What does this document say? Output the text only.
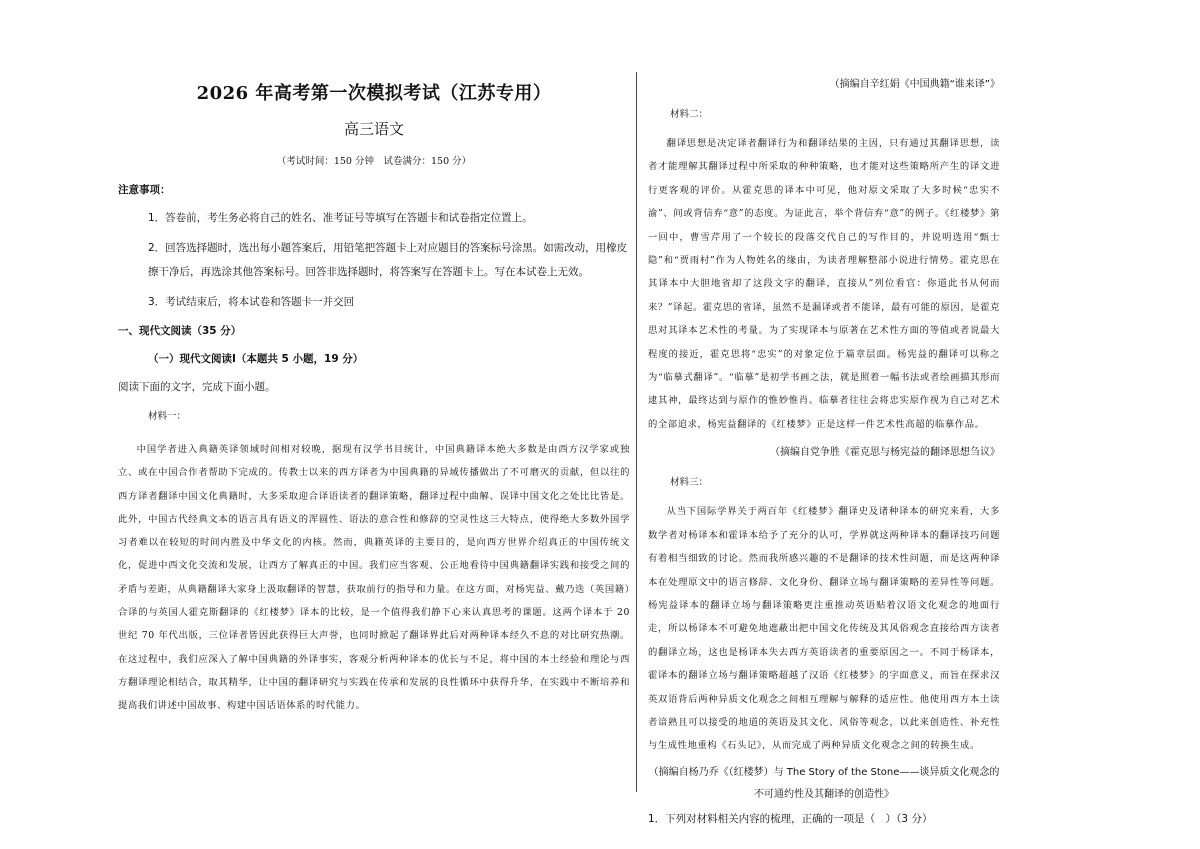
2026 年高考第一次模拟考试（江苏专用）
高三语文
（考试时间：150 分钟　试卷满分：150 分）
注意事项：
1．答卷前，考生务必将自己的姓名、准考证号等填写在答题卡和试卷指定位置上。
2．回答选择题时，选出每小题答案后，用铅笔把答题卡上对应题目的答案标号涂黑。如需改动，用橡皮擦干净后，再选涂其他答案标号。回答非选择题时，将答案写在答题卡上。写在本试卷上无效。
3．考试结束后，将本试卷和答题卡一并交回
一、现代文阅读（35 分）
（一）现代文阅读Ⅰ（本题共 5 小题，19 分）
阅读下面的文字，完成下面小题。
材料一：
中国学者进入典籍英译领域时间相对较晚，据现有汉学书目统计，中国典籍译本绝大多数是由西方汉学家或独立、或在中国合作者帮助下完成的。传教士以来的西方译者为中国典籍的异域传播做出了不可磨灭的贡献，但以往的西方译者翻译中国文化典籍时，大多采取迎合译语读者的翻译策略，翻译过程中曲解、误译中国文化之处比比皆是。此外，中国古代经典文本的语言具有语义的浑圆性、语法的意合性和修辞的空灵性这三大特点，使得绝大多数外国学习者难以在较短的时间内胜及中华文化的内核。然而，典籍英译的主要目的，是向西方世界介绍真正的中国传统文化，促进中西文化交流和发展，让西方了解真正的中国。我们应当客观、公正地看待中国典籍翻译实践和接受之间的矛盾与差距，从典籍翻译大家身上汲取翻译的智慧，获取前行的指导和力量。在这方面，对杨宪益、戴乃迭（英国籍）合译的与英国人霍克斯翻译的《红楼梦》译本的比较，是一个值得我们静下心来认真思考的课题。这两个译本于 20 世纪 70 年代出版，三位译者皆因此获得巨大声誉，也同时掀起了翻译界此后对两种译本经久不息的对比研究热潮。在这过程中，我们应深入了解中国典籍的外译事实，客观分析两种译本的优长与不足，将中国的本土经验和理论与西方翻译理论相结合，取其精华，让中国的翻译研究与实践在传承和发展的良性循环中获得升华，在实践中不断培养和提高我们讲述中国故事、构建中国话语体系的时代能力。
（摘编自辛红娟《中国典籍“谁来译”》
材料二：
翻译思想是决定译者翻译行为和翻译结果的主因，只有通过其翻译思想，读者才能理解其翻译过程中所采取的种种策略，也才能对这些策略所产生的译文进行更客观的评价。从霍克思的译本中可见，他对原文采取了大多时候“忠实不渝”、间或背信弃“意”的态度。为证此言，举个背信弃“意”的例子。《红楼梦》第一回中，曹雪芹用了一个较长的段落交代自己的写作目的，并说明选用“甄士隐”和“贾雨村”作为人物姓名的缘由，为读者理解整部小说进行情势。霍克思在其译本中大胆地省却了这段文字的翻译，直接从”列位看官：你道此书从何而来？”译起。霍克思的省译，虽然不是漏译或者不能译，最有可能的原因，是霍克思对其译本艺术性的考量。为了实现译本与原著在艺术性方面的等值或者说最大程度的接近，霍克思将“忠实”的对象定位于篇章层面。杨宪益的翻译可以称之为“临摹式翻译”。“临摹”是初学书画之法，就是照着一幅书法或者绘画描其形而逮其神，最终达到与原作的惟妙惟肖。临摹者往往会将忠实原作视为自己对艺术的全部追求，杨宪益翻译的《红楼梦》正是这样一件艺术性高超的临摹作品。
（摘编自党争胜《霍克思与杨宪益的翻译思想刍议》
材料三：
从当下国际学界关于两百年《红楼梦》翻译史及诸种译本的研究来看，大多数学者对杨译本和霍译本给予了充分的认可，学界就这两种译本的翻译技巧问题有着相当细致的讨论。然而我所感兴趣的不是翻译的技术性问题，而是这两种译本在处理原文中的语言修辞、文化身份、翻译立场与翻译策略的差异性等问题。杨宪益译本的翻译立场与翻译策略更注重推动英语贴着汉语文化观念的地面行走，所以杨译本不可避免地遮蔽出把中国文化传统及其风俗观念直接给西方读者的翻译立场，这也是杨译本失去西方英语读者的重要原因之一。不同于杨译本，霍译本的翻译立场与翻译策略超越了汉语《红楼梦》的字面意义，而旨在探求汉英双语背后两种异质文化观念之间相互理解与解释的适应性。他使用西方本土读者谙熟且可以接受的地道的英语及其文化、风俗等观念，以此来创造性、补充性与生成性地重构《石头记》，从而完成了两种异质文化观念之间的转换生成。
（摘编自杨乃乔《（红楼梦）与 The Story of the Stone——谈异质文化观念的不可通约性及其翻译的创造性》
1．下列对材料相关内容的梳理，正确的一项是（　）（3 分）
